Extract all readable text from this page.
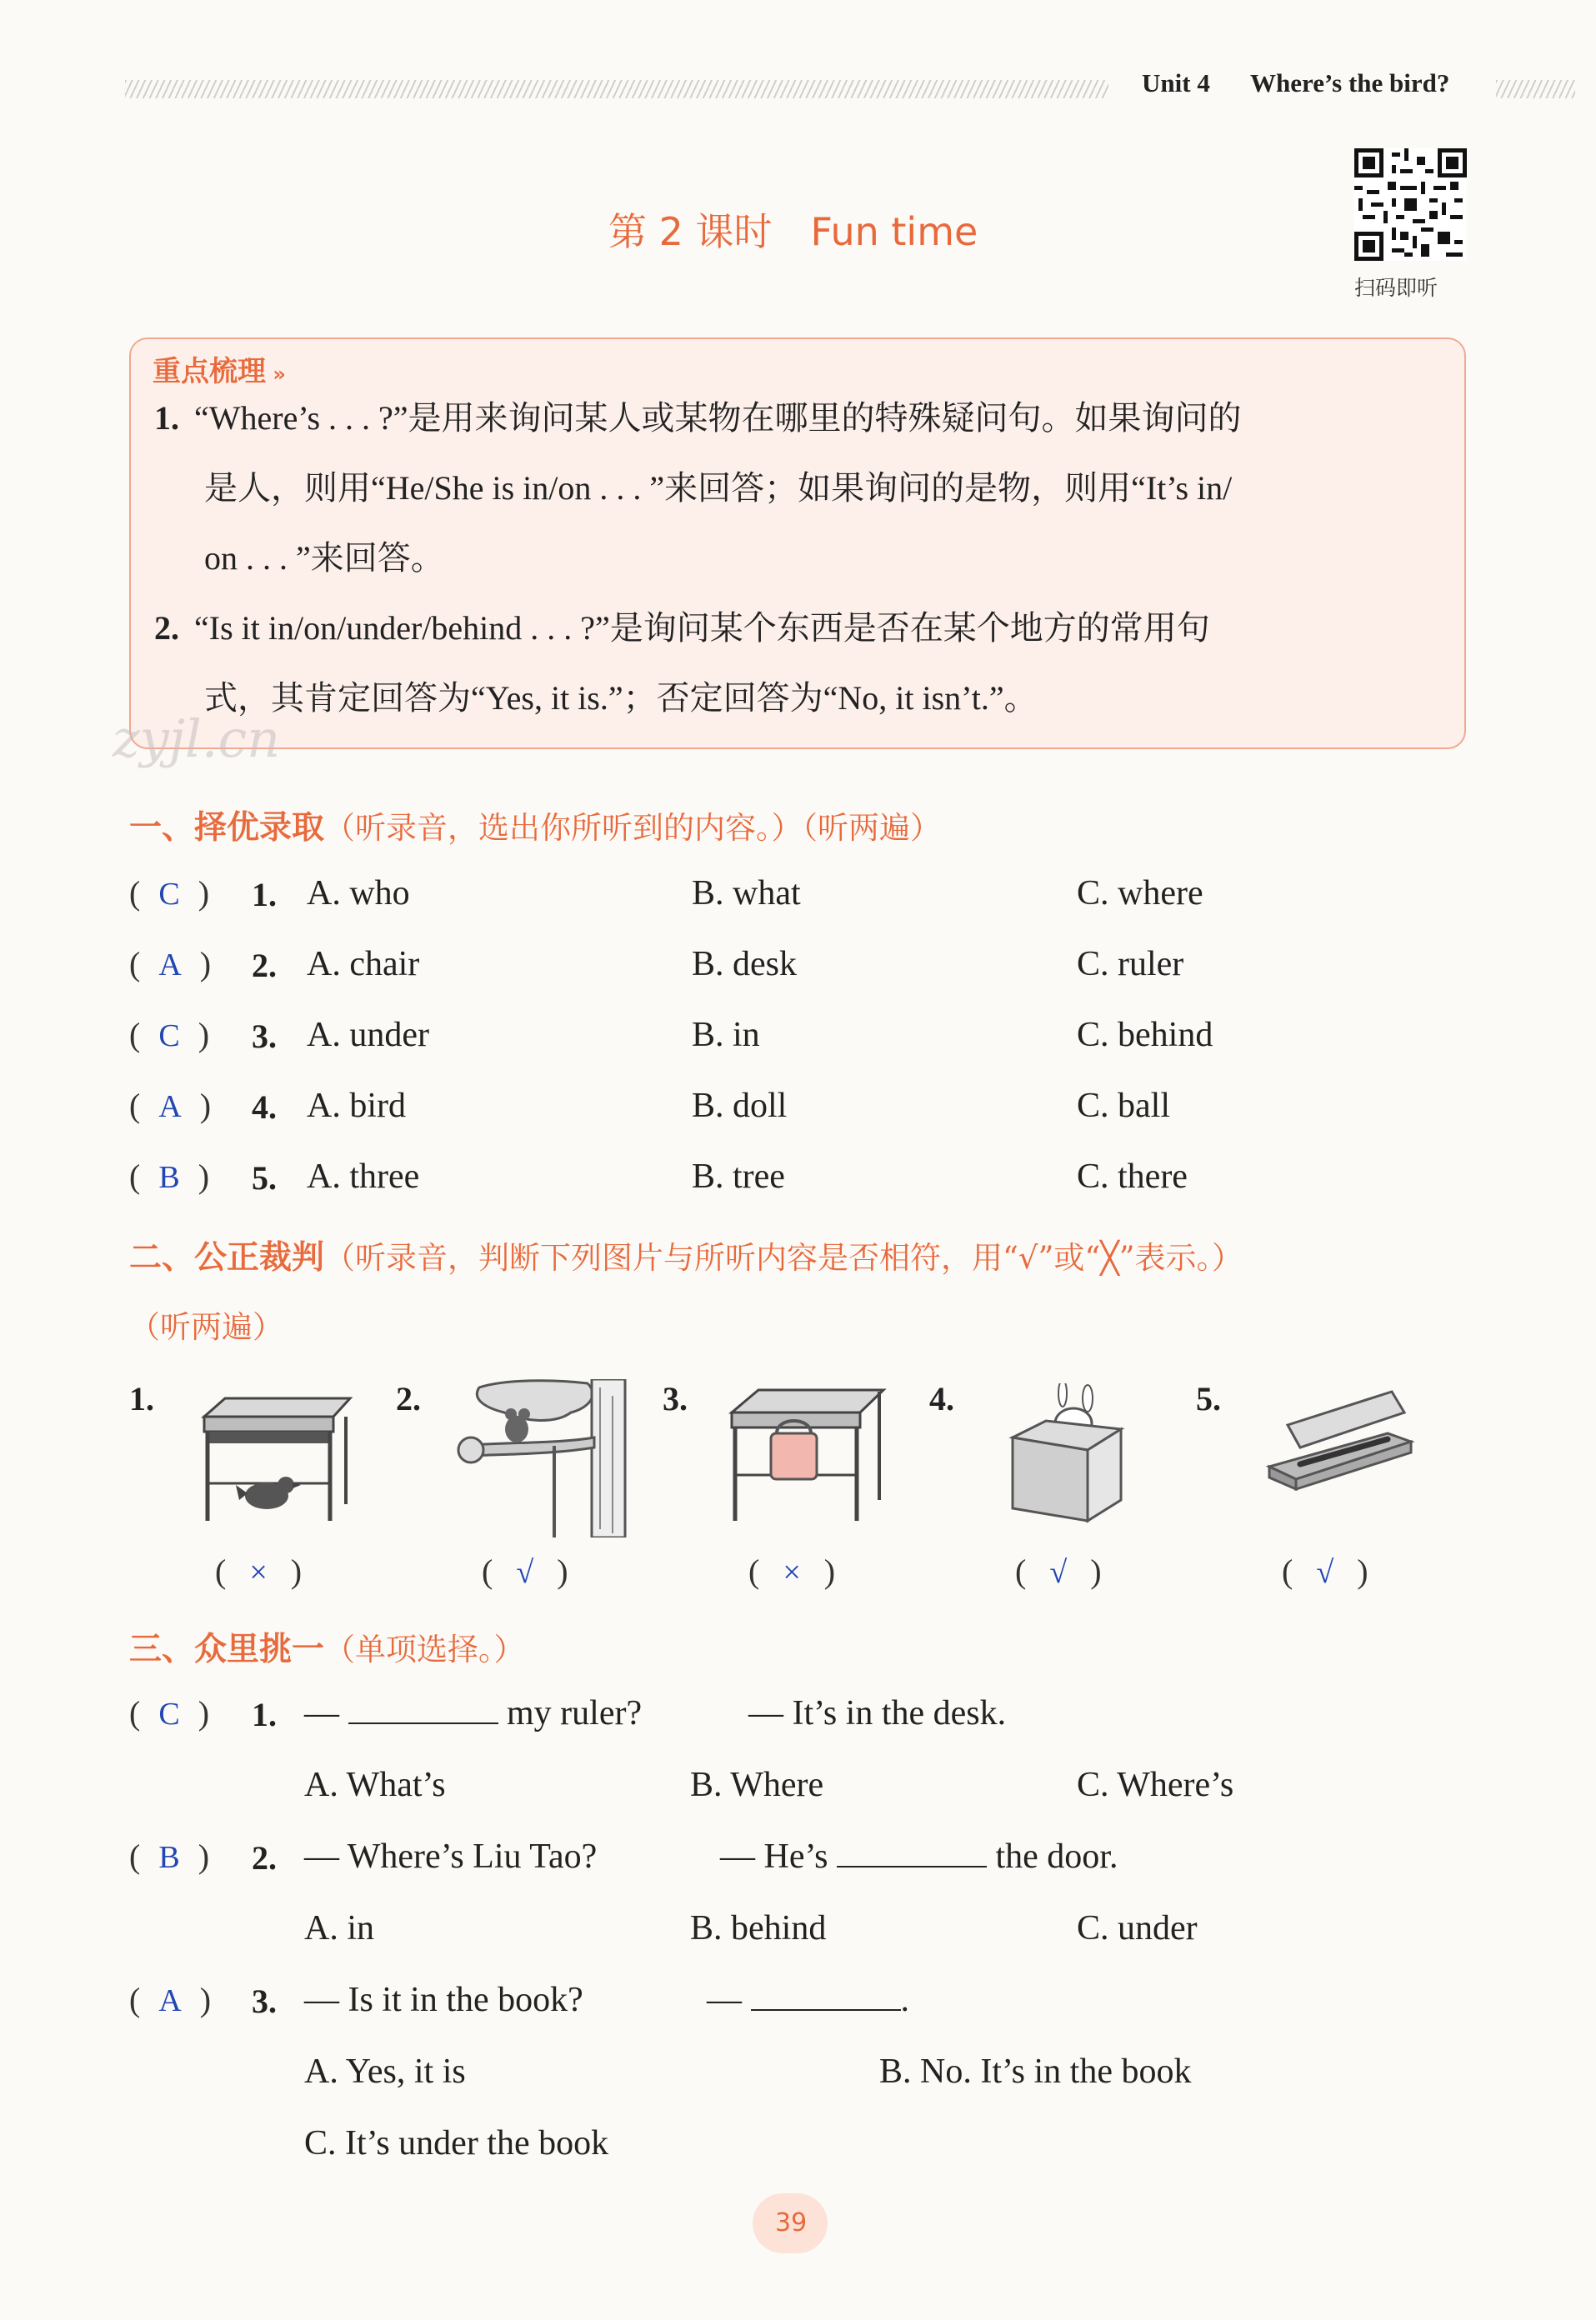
Unit 4 Where’s the bird?
第 2 课时　Fun time
扫码即听
重点梳理 »
1. “Where’s . . . ?”是用来询问某人或某物在哪里的特殊疑问句。如果询问的
是人，则用“He/She is in/on . . . ”来回答；如果询问的是物，则用“It’s in/
on . . . ”来回答。
2. “Is it in/on/under/behind . . . ?”是询问某个东西是否在某个地方的常用句
式，其肯定回答为“Yes, it is.”；否定回答为“No, it isn’t.”。
zyjl.cn
一、择优录取（听录音，选出你所听到的内容。）（听两遍）
( C ) 1. A. who	B. what	C. where
( A ) 2. A. chair	B. desk	C. ruler
( C ) 3. A. under	B. in	C. behind
( A ) 4. A. bird	B. doll	C. ball
( B ) 5. A. three	B. tree	C. there
二、公正裁判（听录音，判断下列图片与所听内容是否相符，用“√”或“╳”表示。）
（听两遍）
1.	2.	3.	4.	5.
( × )	( √ )	( × )	( √ )	( √ )
三、众里挑一（单项选择。）
( C ) 1. —	my ruler?	— It’s in the desk.
A. What’s	B. Where	C. Where’s
( B ) 2. — Where’s Liu Tao?	— He’s	the door.
A. in	B. behind	C. under
( A ) 3. — Is it in the book?	—	.
A. Yes, it is	B. No. It’s in the book
C. It’s under the book
39
